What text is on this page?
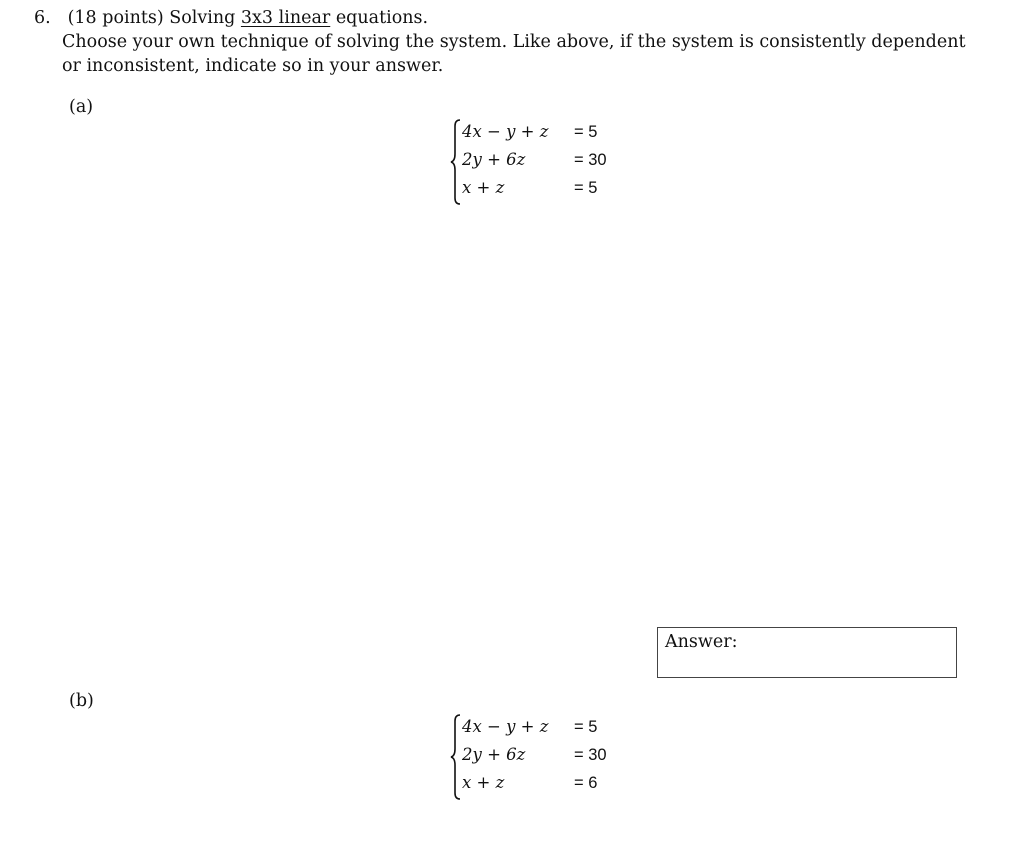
6. (18 points) Solving 3x3 linear equations.
Choose your own technique of solving the system. Like above, if the system is consistently dependent
or inconsistent, indicate so in your answer.
(a)
4x − y + z = 5
2y + 6z	= 30
x + z	= 5
Answer:
(b)
4x − y + z = 5
2y + 6z	= 30
x + z	= 6
